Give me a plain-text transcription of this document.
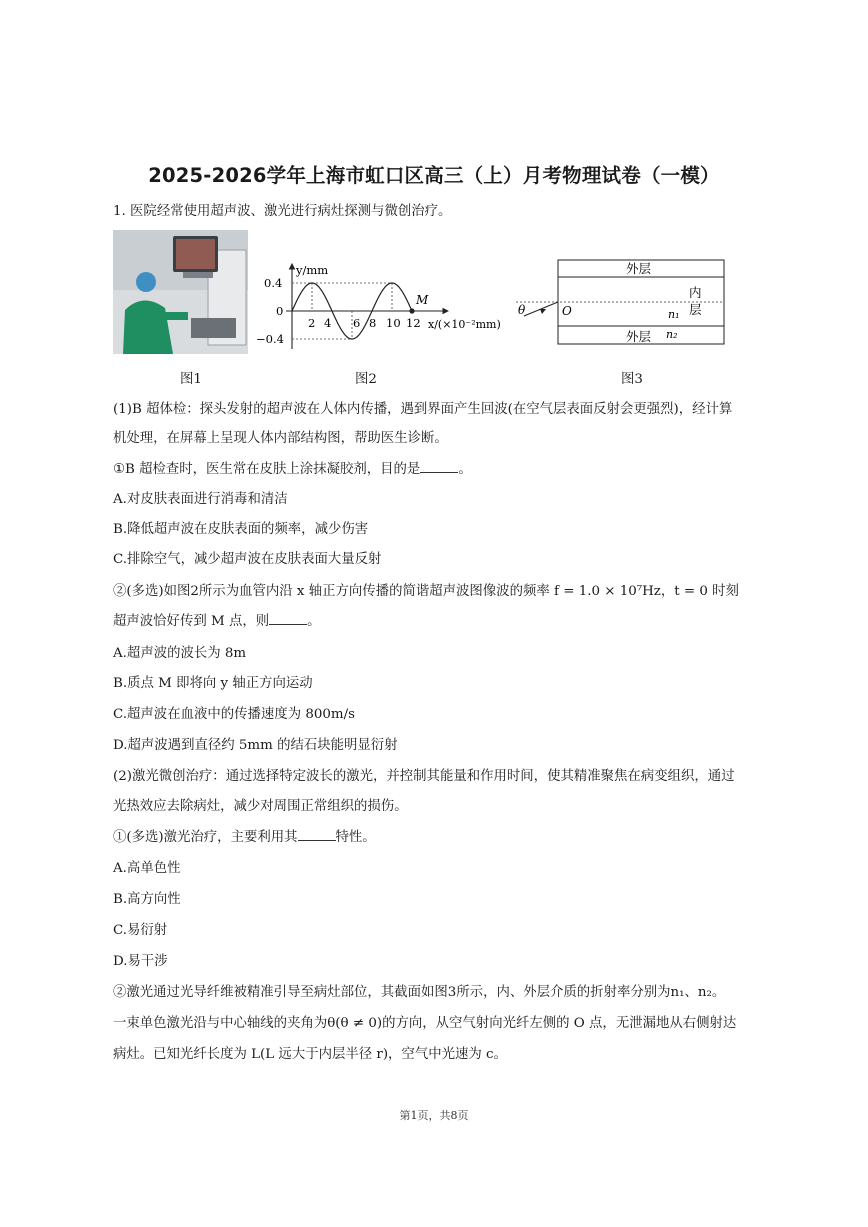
2025-2026学年上海市虹口区高三（上）月考物理试卷（一模）
1. 医院经常使用超声波、激光进行病灶探测与微创治疗。
M
y/mm
x/(×10⁻²mm)
0.4
0
−0.4
2 4 6 8 10 12
外层
内
层
n₁
外层 n₂
θ	O
图1	图2	图3
(1)B 超体检：探头发射的超声波在人体内传播，遇到界面产生回波(在空气层表面反射会更强烈)，经计算
机处理，在屏幕上呈现人体内部结构图，帮助医生诊断。
①B 超检查时，医生常在皮肤上涂抹凝胶剂，目的是	。
A.对皮肤表面进行消毒和清洁
B.降低超声波在皮肤表面的频率，减少伤害
C.排除空气，减少超声波在皮肤表面大量反射
②(多选)如图2所示为血管内沿 x 轴正方向传播的简谐超声波图像波的频率 f = 1.0 × 10⁷Hz，t = 0 时刻
超声波恰好传到 M 点，则	。
A.超声波的波长为 8m
B.质点 M 即将向 y 轴正方向运动
C.超声波在血液中的传播速度为 800m/s
D.超声波遇到直径约 5mm 的结石块能明显衍射
(2)激光微创治疗：通过选择特定波长的激光，并控制其能量和作用时间，使其精准聚焦在病变组织，通过
光热效应去除病灶，减少对周围正常组织的损伤。
①(多选)激光治疗，主要利用其	特性。
A.高单色性
B.高方向性
C.易衍射
D.易干涉
②激光通过光导纤维被精准引导至病灶部位，其截面如图3所示，内、外层介质的折射率分别为n₁、n₂。
一束单色激光沿与中心轴线的夹角为θ(θ ≠ 0)的方向，从空气射向光纤左侧的 O 点，无泄漏地从右侧射达
病灶。已知光纤长度为 L(L 远大于内层半径 r)，空气中光速为 c。
第1页，共8页
